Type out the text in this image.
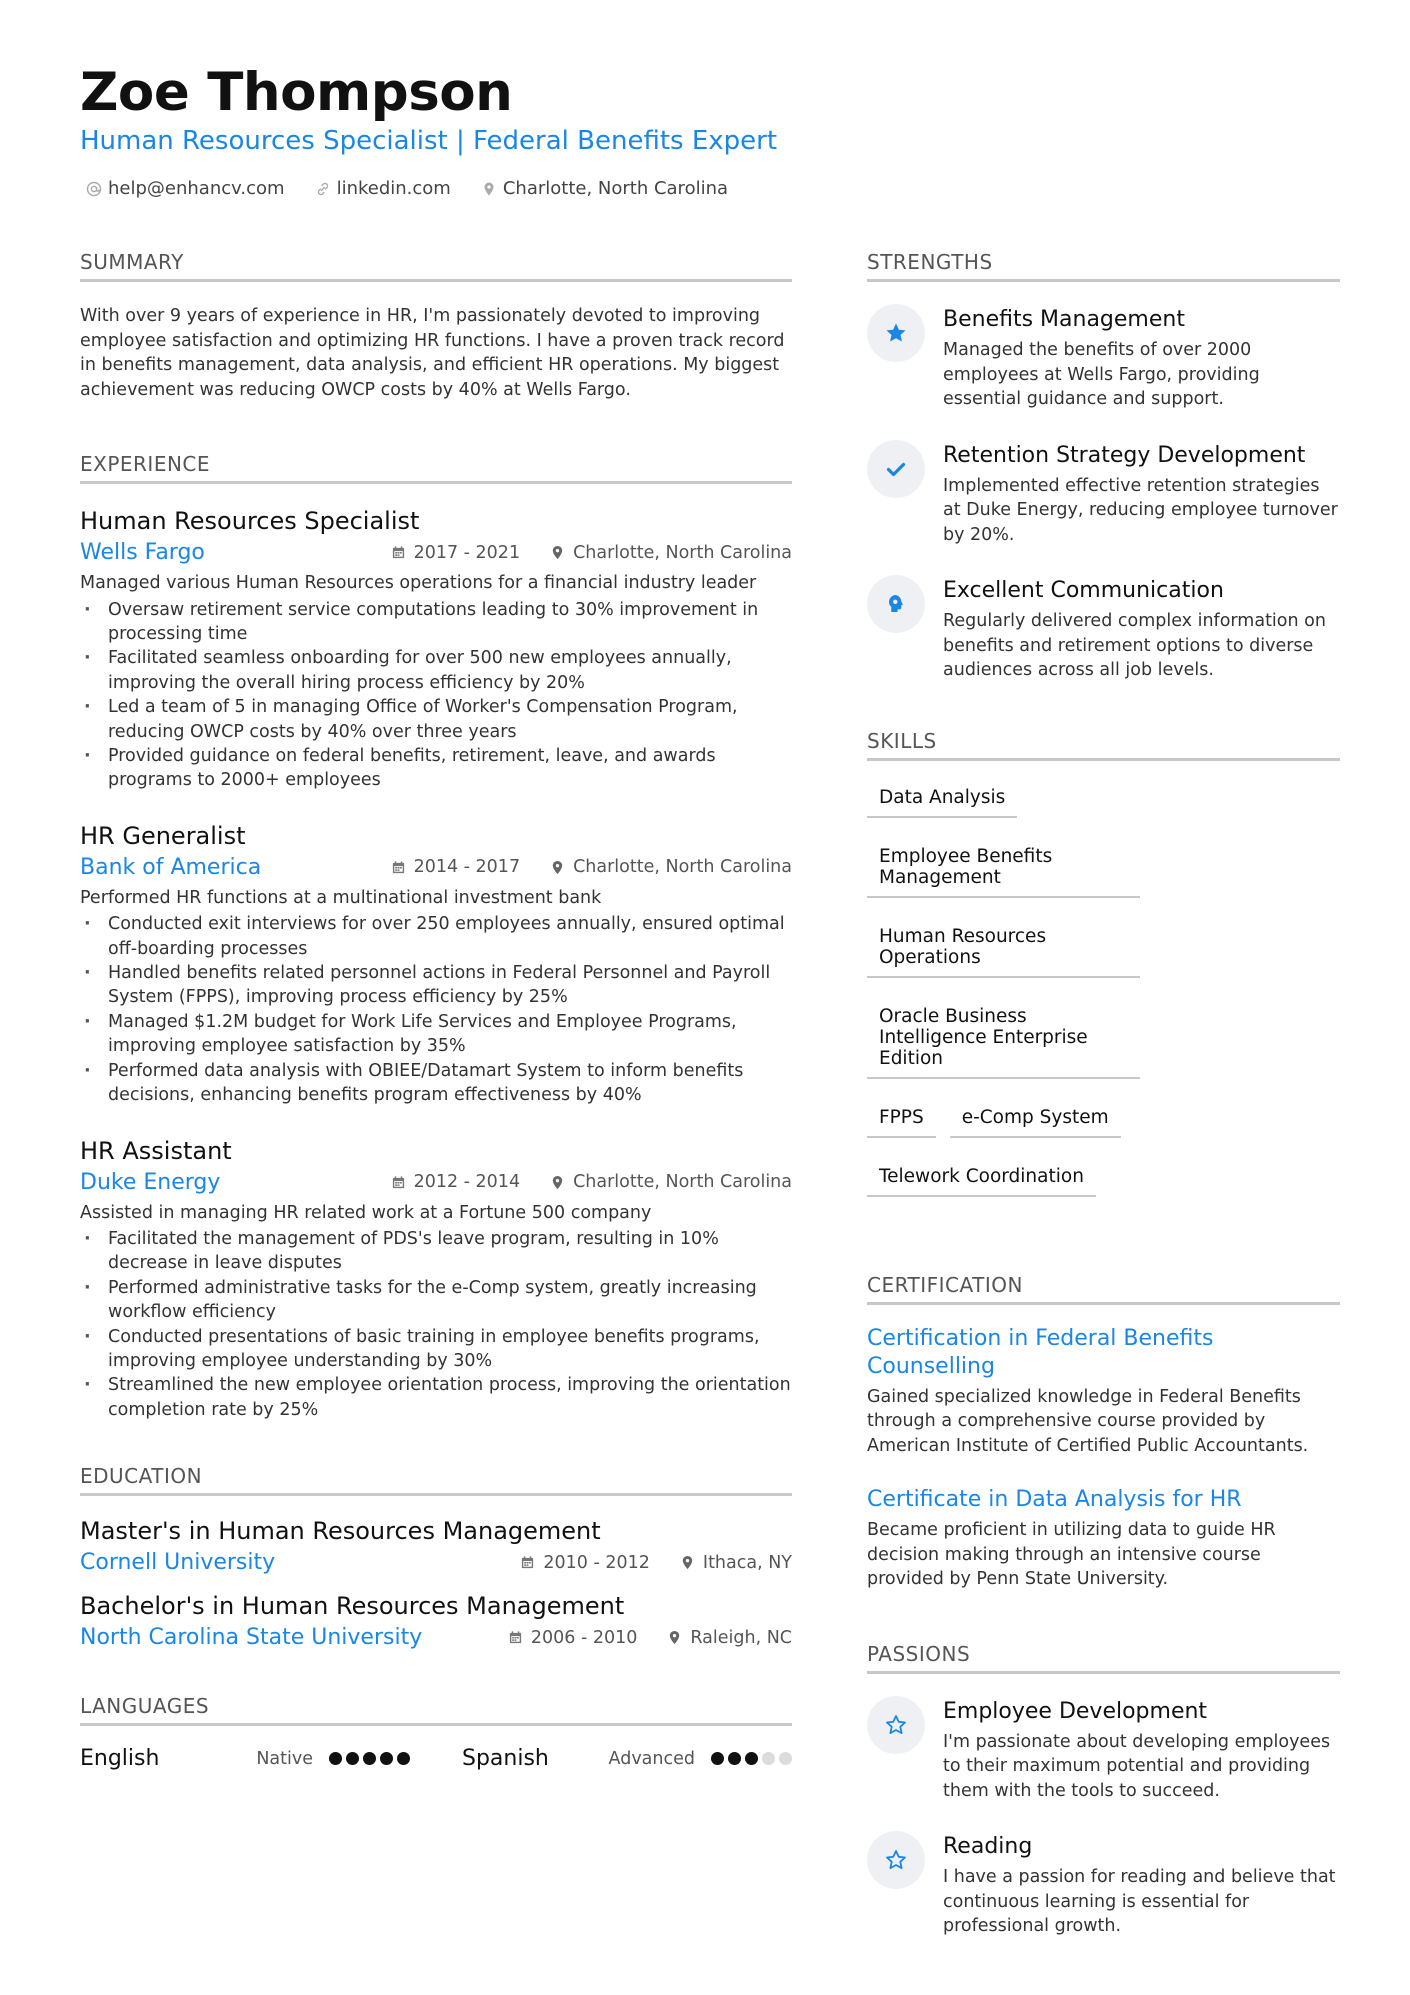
Zoe Thompson
Human Resources Specialist | Federal Benefits Expert
help@enhancv.com	linkedin.com	Charlotte, North Carolina
SUMMARY
With over 9 years of experience in HR, I'm passionately devoted to improving employee satisfaction and optimizing HR functions. I have a proven track record in benefits management, data analysis, and efficient HR operations. My biggest achievement was reducing OWCP costs by 40% at Wells Fargo.
EXPERIENCE
Human Resources Specialist
Wells Fargo	2017 - 2021	Charlotte, North Carolina
Managed various Human Resources operations for a financial industry leader
· Oversaw retirement service computations leading to 30% improvement in processing time
· Facilitated seamless onboarding for over 500 new employees annually, improving the overall hiring process efficiency by 20%
· Led a team of 5 in managing Office of Worker's Compensation Program, reducing OWCP costs by 40% over three years
· Provided guidance on federal benefits, retirement, leave, and awards programs to 2000+ employees
HR Generalist
Bank of America	2014 - 2017	Charlotte, North Carolina
Performed HR functions at a multinational investment bank
· Conducted exit interviews for over 250 employees annually, ensured optimal off-boarding processes
· Handled benefits related personnel actions in Federal Personnel and Payroll System (FPPS), improving process efficiency by 25%
· Managed $1.2M budget for Work Life Services and Employee Programs, improving employee satisfaction by 35%
· Performed data analysis with OBIEE/Datamart System to inform benefits decisions, enhancing benefits program effectiveness by 40%
HR Assistant
Duke Energy	2012 - 2014	Charlotte, North Carolina
Assisted in managing HR related work at a Fortune 500 company
· Facilitated the management of PDS's leave program, resulting in 10% decrease in leave disputes
· Performed administrative tasks for the e-Comp system, greatly increasing workflow efficiency
· Conducted presentations of basic training in employee benefits programs, improving employee understanding by 30%
· Streamlined the new employee orientation process, improving the orientation completion rate by 25%
EDUCATION
Master's in Human Resources Management
Cornell University	2010 - 2012	Ithaca, NY
Bachelor's in Human Resources Management
North Carolina State University	2006 - 2010	Raleigh, NC
LANGUAGES
English	Native	Spanish	Advanced
STRENGTHS
Benefits Management
Managed the benefits of over 2000 employees at Wells Fargo, providing essential guidance and support.
Retention Strategy Development
Implemented effective retention strategies at Duke Energy, reducing employee turnover by 20%.
Excellent Communication
Regularly delivered complex information on benefits and retirement options to diverse audiences across all job levels.
SKILLS
Data Analysis
Employee Benefits Management
Human Resources Operations
Oracle Business Intelligence Enterprise Edition
FPPS	e-Comp System
Telework Coordination
CERTIFICATION
Certification in Federal Benefits Counselling
Gained specialized knowledge in Federal Benefits through a comprehensive course provided by American Institute of Certified Public Accountants.
Certificate in Data Analysis for HR
Became proficient in utilizing data to guide HR decision making through an intensive course provided by Penn State University.
PASSIONS
Employee Development
I'm passionate about developing employees to their maximum potential and providing them with the tools to succeed.
Reading
I have a passion for reading and believe that continuous learning is essential for professional growth.
